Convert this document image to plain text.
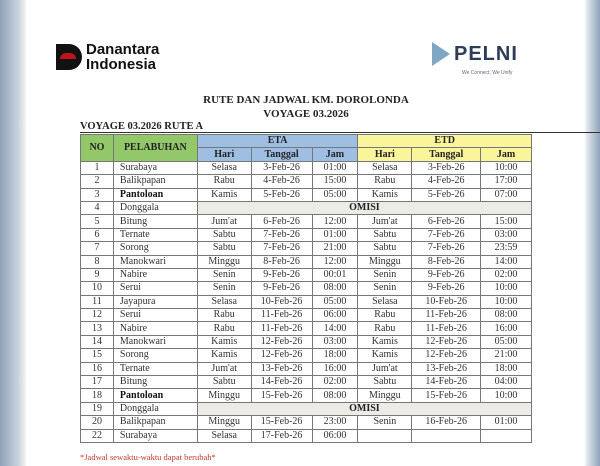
Danantara
Indonesia	PELNI
We Connect, We Unify
RUTE DAN JADWAL KM. DOROLONDA
VOYAGE 03.2026
VOYAGE 03.2026 RUTE A
NO	PELABUHAN	ETA			ETD		
		Hari	Tanggal	Jam	Hari	Tanggal	Jam
1	Surabaya	Selasa	3-Feb-26	01:00	Selasa	3-Feb-26	10:00
2	Balikpapan	Rabu	4-Feb-26	15:00	Rabu	4-Feb-26	17:00
3	Pantoloan	Kamis	5-Feb-26	05:00	Kamis	5-Feb-26	07:00
4	Donggala	OMISI					
5	Bitung	Jum'at	6-Feb-26	12:00	Jum'at	6-Feb-26	15:00
6	Ternate	Sabtu	7-Feb-26	01:00	Sabtu	7-Feb-26	03:00
7	Sorong	Sabtu	7-Feb-26	21:00	Sabtu	7-Feb-26	23:59
8	Manokwari	Minggu	8-Feb-26	12:00	Minggu	8-Feb-26	14:00
9	Nabire	Senin	9-Feb-26	00:01	Senin	9-Feb-26	02:00
10	Serui	Senin	9-Feb-26	08:00	Senin	9-Feb-26	10:00
11	Jayapura	Selasa	10-Feb-26	05:00	Selasa	10-Feb-26	10:00
12	Serui	Rabu	11-Feb-26	06:00	Rabu	11-Feb-26	08:00
13	Nabire	Rabu	11-Feb-26	14:00	Rabu	11-Feb-26	16:00
14	Manokwari	Kamis	12-Feb-26	03:00	Kamis	12-Feb-26	05:00
15	Sorong	Kamis	12-Feb-26	18:00	Kamis	12-Feb-26	21:00
16	Ternate	Jum'at	13-Feb-26	16:00	Jum'at	13-Feb-26	18:00
17	Bitung	Sabtu	14-Feb-26	02:00	Sabtu	14-Feb-26	04:00
18	Pantoloan	Minggu	15-Feb-26	08:00	Minggu	15-Feb-26	10:00
19	Donggala	OMISI					
20	Balikpapan	Minggu	15-Feb-26	23:00	Senin	16-Feb-26	01:00
22	Surabaya	Selasa	17-Feb-26	06:00			
*Jadwal sewaktu-waktu dapat berubah*
